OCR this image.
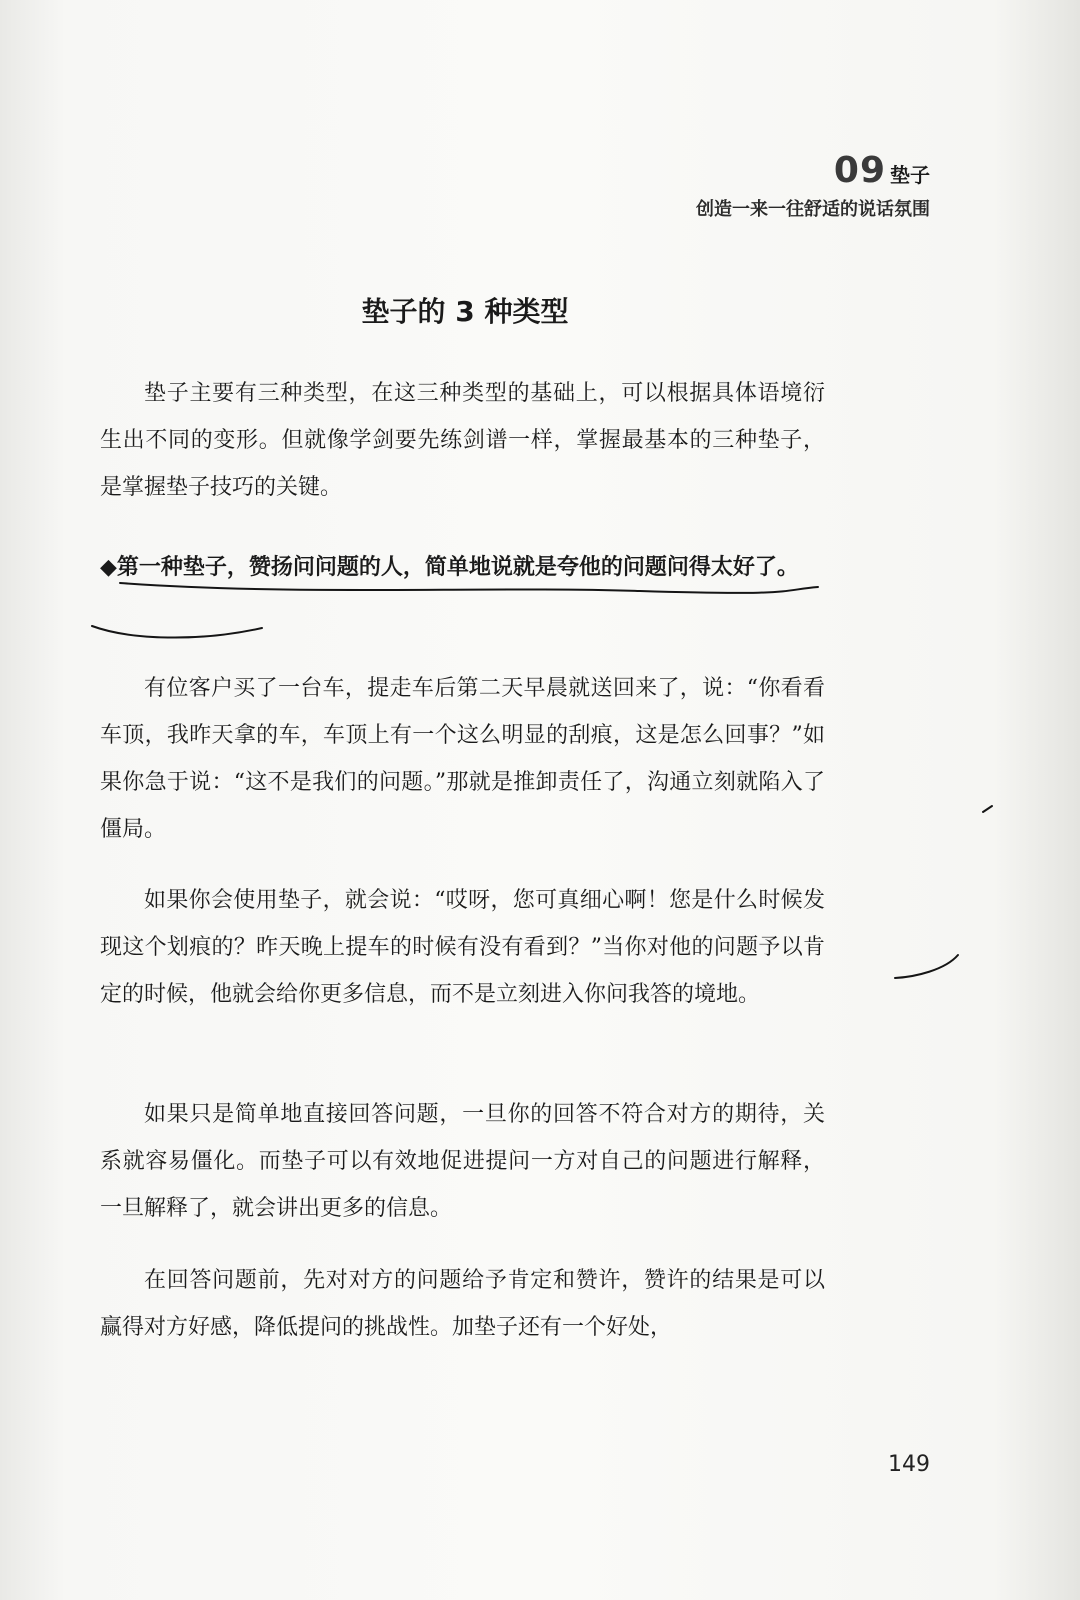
09 垫子
创造一来一往舒适的说话氛围
垫子的 3 种类型

垫子主要有三种类型，在这三种类型的基础上，可以根据具体语境衍生出不同的变形。但就像学剑要先练剑谱一样，掌握最基本的三种垫子，是掌握垫子技巧的关键。

◆第一种垫子，赞扬问问题的人，简单地说就是夸他的问题问得太好了。

有位客户买了一台车，提走车后第二天早晨就送回来了，说：“你看看车顶，我昨天拿的车，车顶上有一个这么明显的刮痕，这是怎么回事？”如果你急于说：“这不是我们的问题。”那就是推卸责任了，沟通立刻就陷入了僵局。

如果你会使用垫子，就会说：“哎呀，您可真细心啊！您是什么时候发现这个划痕的？昨天晚上提车的时候有没有看到？”当你对他的问题予以肯定的时候，他就会给你更多信息，而不是立刻进入你问我答的境地。

如果只是简单地直接回答问题，一旦你的回答不符合对方的期待，关系就容易僵化。而垫子可以有效地促进提问一方对自己的问题进行解释，一旦解释了，就会讲出更多的信息。

在回答问题前，先对对方的问题给予肯定和赞许，赞许的结果是可以赢得对方好感，降低提问的挑战性。加垫子还有一个好处，

149
